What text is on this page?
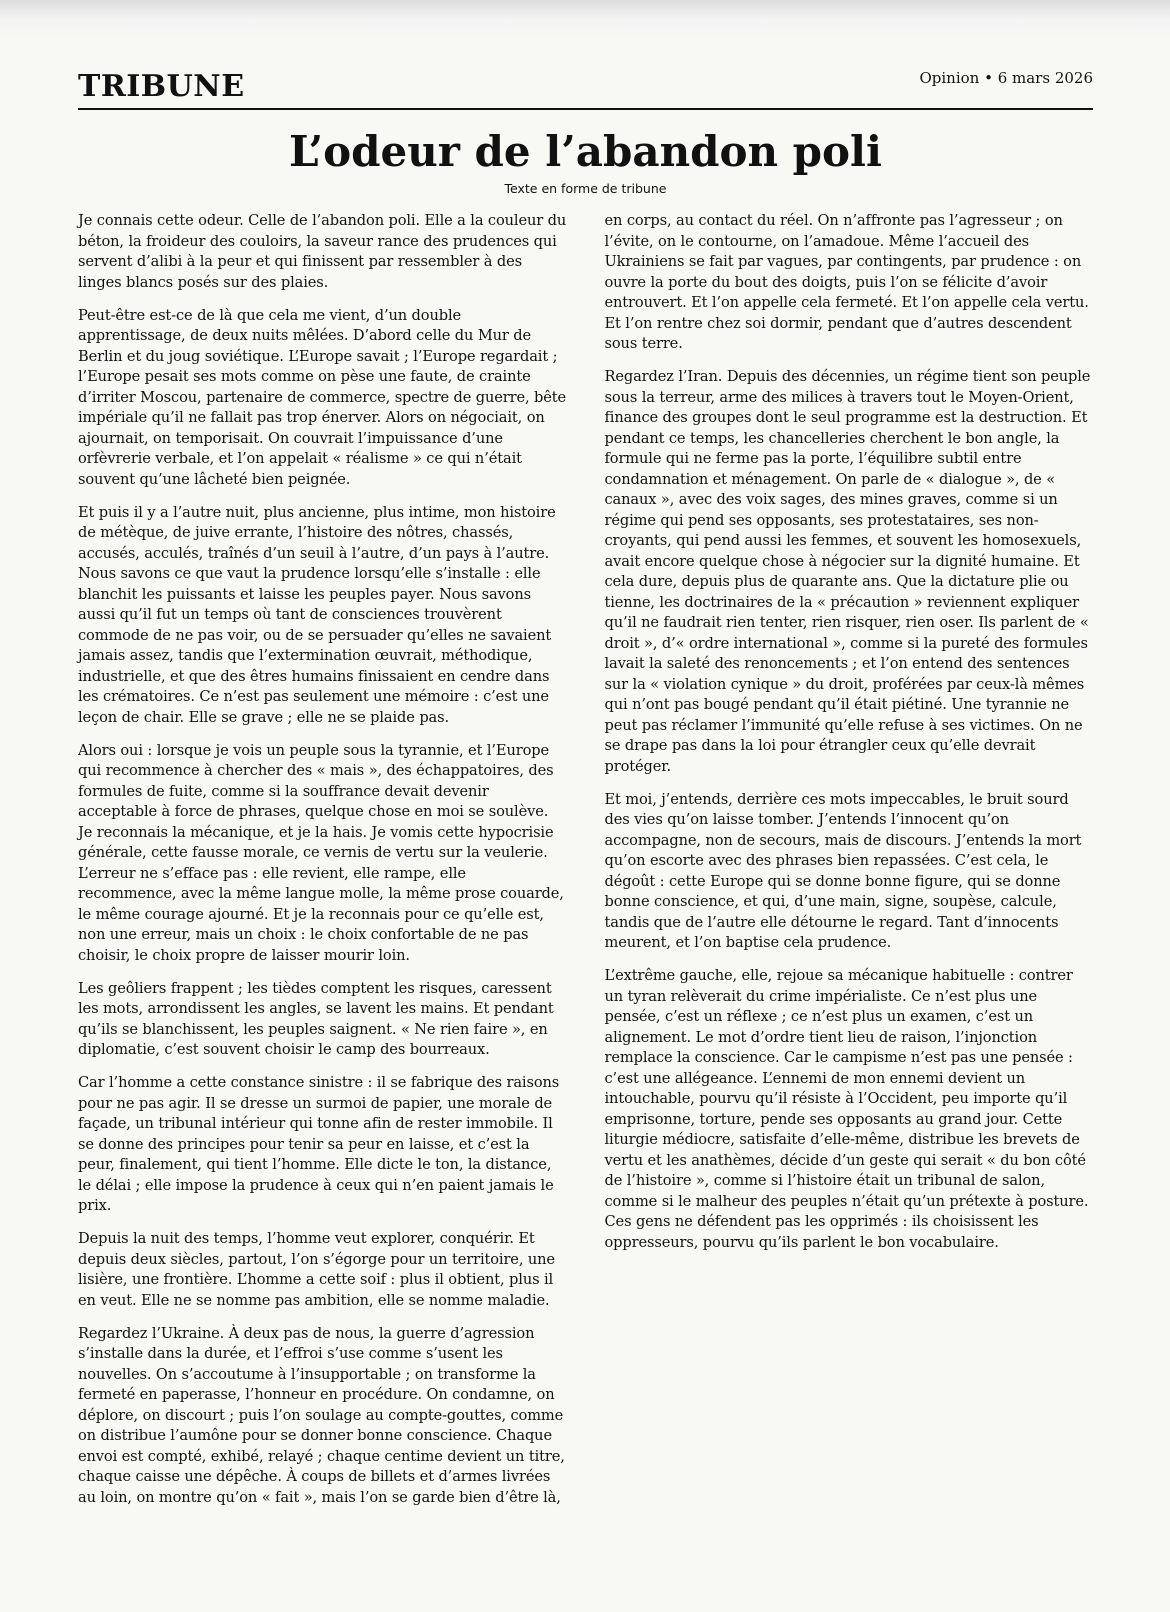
TRIBUNE	Opinion • 6 mars 2026
L’odeur de l’abandon poli
Texte en forme de tribune

Je connais cette odeur. Celle de l’abandon poli. Elle a la couleur du béton, la froideur des couloirs, la saveur rance des prudences qui servent d’alibi à la peur et qui finissent par ressembler à des linges blancs posés sur des plaies.

Peut-être est-ce de là que cela me vient, d’un double apprentissage, de deux nuits mêlées. D’abord celle du Mur de Berlin et du joug soviétique. L’Europe savait ; l’Europe regardait ; l’Europe pesait ses mots comme on pèse une faute, de crainte d’irriter Moscou, partenaire de commerce, spectre de guerre, bête impériale qu’il ne fallait pas trop énerver. Alors on négociait, on ajournait, on temporisait. On couvrait l’impuissance d’une orfèvrerie verbale, et l’on appelait « réalisme » ce qui n’était souvent qu’une lâcheté bien peignée.

Et puis il y a l’autre nuit, plus ancienne, plus intime, mon histoire de métèque, de juive errante, l’histoire des nôtres, chassés, accusés, acculés, traînés d’un seuil à l’autre, d’un pays à l’autre. Nous savons ce que vaut la prudence lorsqu’elle s’installe : elle blanchit les puissants et laisse les peuples payer. Nous savons aussi qu’il fut un temps où tant de consciences trouvèrent commode de ne pas voir, ou de se persuader qu’elles ne savaient jamais assez, tandis que l’extermination œuvrait, méthodique, industrielle, et que des êtres humains finissaient en cendre dans les crématoires. Ce n’est pas seulement une mémoire : c’est une leçon de chair. Elle se grave ; elle ne se plaide pas.

Alors oui : lorsque je vois un peuple sous la tyrannie, et l’Europe qui recommence à chercher des « mais », des échappatoires, des formules de fuite, comme si la souffrance devait devenir acceptable à force de phrases, quelque chose en moi se soulève. Je reconnais la mécanique, et je la hais. Je vomis cette hypocrisie générale, cette fausse morale, ce vernis de vertu sur la veulerie. L’erreur ne s’efface pas : elle revient, elle rampe, elle recommence, avec la même langue molle, la même prose couarde, le même courage ajourné. Et je la reconnais pour ce qu’elle est, non une erreur, mais un choix : le choix confortable de ne pas choisir, le choix propre de laisser mourir loin.

Les geôliers frappent ; les tièdes comptent les risques, caressent les mots, arrondissent les angles, se lavent les mains. Et pendant qu’ils se blanchissent, les peuples saignent. « Ne rien faire », en diplomatie, c’est souvent choisir le camp des bourreaux.

Car l’homme a cette constance sinistre : il se fabrique des raisons pour ne pas agir. Il se dresse un surmoi de papier, une morale de façade, un tribunal intérieur qui tonne afin de rester immobile. Il se donne des principes pour tenir sa peur en laisse, et c’est la peur, finalement, qui tient l’homme. Elle dicte le ton, la distance, le délai ; elle impose la prudence à ceux qui n’en paient jamais le prix.

Depuis la nuit des temps, l’homme veut explorer, conquérir. Et depuis deux siècles, partout, l’on s’égorge pour un territoire, une lisière, une frontière. L’homme a cette soif : plus il obtient, plus il en veut. Elle ne se nomme pas ambition, elle se nomme maladie.

Regardez l’Ukraine. À deux pas de nous, la guerre d’agression s’installe dans la durée, et l’effroi s’use comme s’usent les nouvelles. On s’accoutume à l’insupportable ; on transforme la fermeté en paperasse, l’honneur en procédure. On condamne, on déplore, on discourt ; puis l’on soulage au compte-gouttes, comme on distribue l’aumône pour se donner bonne conscience. Chaque envoi est compté, exhibé, relayé ; chaque centime devient un titre, chaque caisse une dépêche. À coups de billets et d’armes livrées au loin, on montre qu’on « fait », mais l’on se garde bien d’être là, en corps, au contact du réel. On n’affronte pas l’agresseur ; on l’évite, on le contourne, on l’amadoue. Même l’accueil des Ukrainiens se fait par vagues, par contingents, par prudence : on ouvre la porte du bout des doigts, puis l’on se félicite d’avoir entrouvert. Et l’on appelle cela fermeté. Et l’on appelle cela vertu. Et l’on rentre chez soi dormir, pendant que d’autres descendent sous terre.

Regardez l’Iran. Depuis des décennies, un régime tient son peuple sous la terreur, arme des milices à travers tout le Moyen-Orient, finance des groupes dont le seul programme est la destruction. Et pendant ce temps, les chancelleries cherchent le bon angle, la formule qui ne ferme pas la porte, l’équilibre subtil entre condamnation et ménagement. On parle de « dialogue », de « canaux », avec des voix sages, des mines graves, comme si un régime qui pend ses opposants, ses protestataires, ses non-croyants, qui pend aussi les femmes, et souvent les homosexuels, avait encore quelque chose à négocier sur la dignité humaine. Et cela dure, depuis plus de quarante ans. Que la dictature plie ou tienne, les doctrinaires de la « précaution » reviennent expliquer qu’il ne faudrait rien tenter, rien risquer, rien oser. Ils parlent de « droit », d’« ordre international », comme si la pureté des formules lavait la saleté des renoncements ; et l’on entend des sentences sur la « violation cynique » du droit, proférées par ceux-là mêmes qui n’ont pas bougé pendant qu’il était piétiné. Une tyrannie ne peut pas réclamer l’immunité qu’elle refuse à ses victimes. On ne se drape pas dans la loi pour étrangler ceux qu’elle devrait protéger.

Et moi, j’entends, derrière ces mots impeccables, le bruit sourd des vies qu’on laisse tomber. J’entends l’innocent qu’on accompagne, non de secours, mais de discours. J’entends la mort qu’on escorte avec des phrases bien repassées. C’est cela, le dégoût : cette Europe qui se donne bonne figure, qui se donne bonne conscience, et qui, d’une main, signe, soupèse, calcule, tandis que de l’autre elle détourne le regard. Tant d’innocents meurent, et l’on baptise cela prudence.

L’extrême gauche, elle, rejoue sa mécanique habituelle : contrer un tyran relèverait du crime impérialiste. Ce n’est plus une pensée, c’est un réflexe ; ce n’est plus un examen, c’est un alignement. Le mot d’ordre tient lieu de raison, l’injonction remplace la conscience. Car le campisme n’est pas une pensée : c’est une allégeance. L’ennemi de mon ennemi devient un intouchable, pourvu qu’il résiste à l’Occident, peu importe qu’il emprisonne, torture, pende ses opposants au grand jour. Cette liturgie médiocre, satisfaite d’elle-même, distribue les brevets de vertu et les anathèmes, décide d’un geste qui serait « du bon côté de l’histoire », comme si l’histoire était un tribunal de salon, comme si le malheur des peuples n’était qu’un prétexte à posture. Ces gens ne défendent pas les opprimés : ils choisissent les oppresseurs, pourvu qu’ils parlent le bon vocabulaire.
